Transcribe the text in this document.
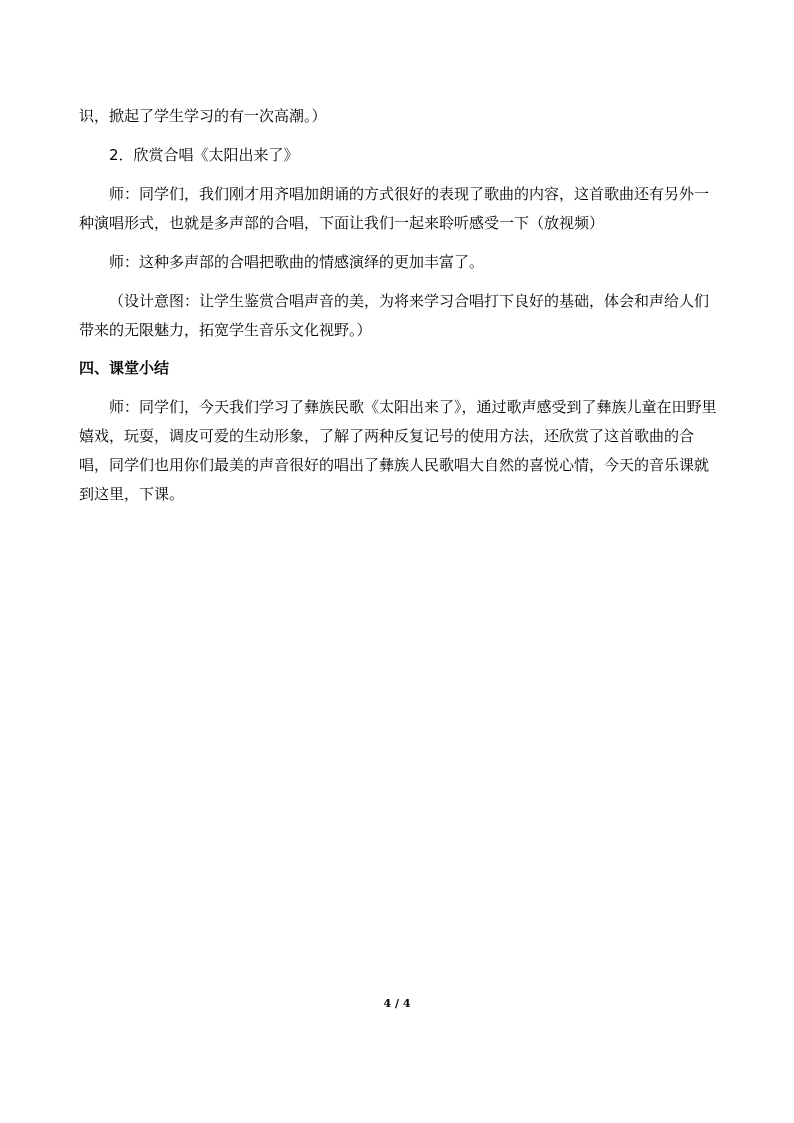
识，掀起了学生学习的有一次高潮。）

2．欣赏合唱《太阳出来了》

师：同学们，我们刚才用齐唱加朗诵的方式很好的表现了歌曲的内容，这首歌曲还有另外一种演唱形式，也就是多声部的合唱，下面让我们一起来聆听感受一下（放视频）

师：这种多声部的合唱把歌曲的情感演绎的更加丰富了。

（设计意图：让学生鉴赏合唱声音的美，为将来学习合唱打下良好的基础，体会和声给人们带来的无限魅力，拓宽学生音乐文化视野。）

四、课堂小结

师：同学们，今天我们学习了彝族民歌《太阳出来了》，通过歌声感受到了彝族儿童在田野里嬉戏，玩耍，调皮可爱的生动形象，了解了两种反复记号的使用方法，还欣赏了这首歌曲的合唱，同学们也用你们最美的声音很好的唱出了彝族人民歌唱大自然的喜悦心情，今天的音乐课就到这里，下课。

4 / 4
